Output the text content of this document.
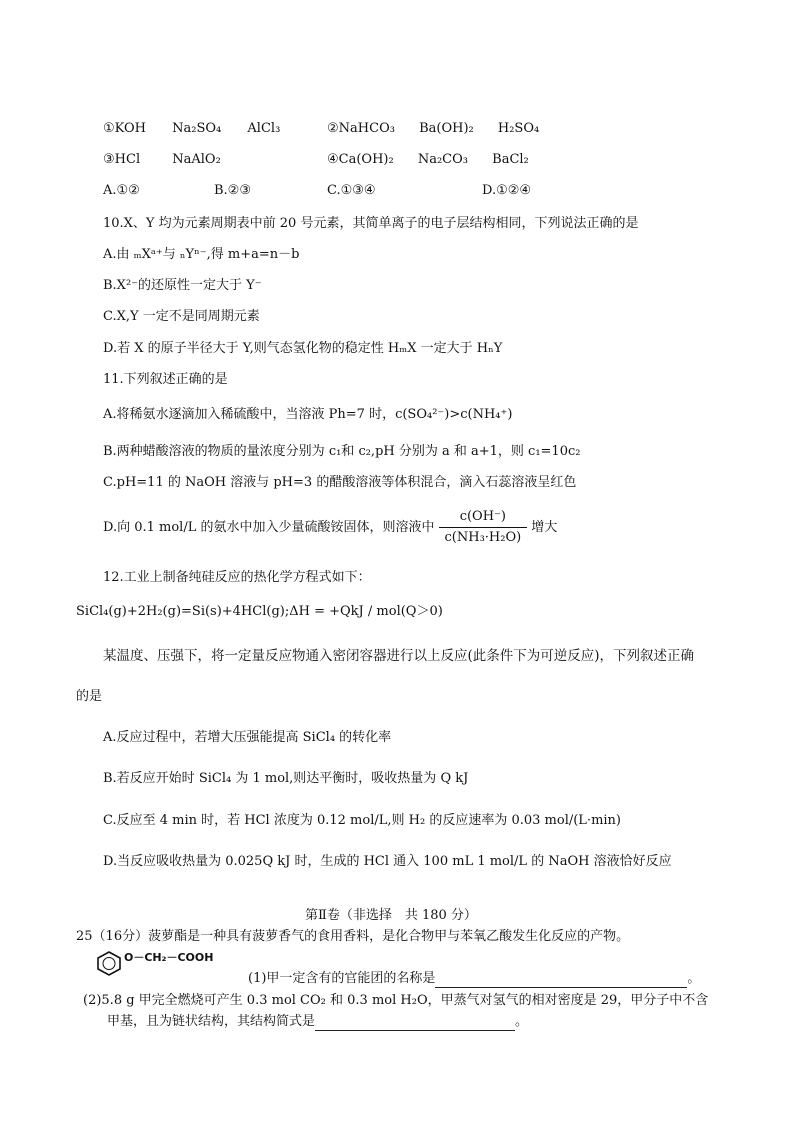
①KOH Na₂SO₄ AlCl₃	②NaHCO₃ Ba(OH)₂ H₂SO₄
③HCl NaAlO₂	④Ca(OH)₂ Na₂CO₃ BaCl₂
A.①②	B.②③	C.①③④	D.①②④
10.X、Y 均为元素周期表中前 20 号元素，其简单离子的电子层结构相同，下列说法正确的是
A.由 ₘXᵃ⁺与 ₙYⁿ⁻,得 m+a=n－b
B.X²⁻的还原性一定大于 Y⁻
C.X,Y 一定不是同周期元素
D.若 X 的原子半径大于 Y,则气态氢化物的稳定性 HₘX 一定大于 HₙY
11.下列叙述正确的是
A.将稀氨水逐滴加入稀硫酸中，当溶液 Ph=7 时，c(SO₄²⁻)>c(NH₄⁺)
B.两种蜡酸溶液的物质的量浓度分别为 c₁和 c₂,pH 分别为 a 和 a+1，则 c₁=10c₂
C.pH=11 的 NaOH 溶液与 pH=3 的醋酸溶液等体积混合，滴入石蕊溶液呈红色
D.向 0.1 mol/L 的氨水中加入少量硫酸铵固体，则溶液中 $\frac{c(OH^-)}{\text{c(NH₃·H₂O)}}$ 增大
12.工业上制备纯硅反应的热化学方程式如下：
SiCl₄(g)+2H₂(g)=Si(s)+4HCl(g);ΔH = +QkJ / mol(Q＞0)
某温度、压强下，将一定量反应物通入密闭容器进行以上反应(此条件下为可逆反应)，下列叙述正确
的是
A.反应过程中，若增大压强能提高 SiCl₄ 的转化率
B.若反应开始时 SiCl₄ 为 1 mol,则达平衡时，吸收热量为 Q kJ
C.反应至 4 min 时，若 HCl 浓度为 0.12 mol/L,则 H₂ 的反应速率为 0.03 mol/(L·min)
D.当反应吸收热量为 0.025Q kJ 时，生成的 HCl 通入 100 mL 1 mol/L 的 NaOH 溶液恰好反应
第Ⅱ卷（非选择　共 180 分）
25（16分）菠萝酯是一种具有菠萝香气的食用香料，是化合物甲与苯氧乙酸发生化反应的产物。
O－CH₂－COOH
(1)甲一定含有的官能团的名称是	。
(2)5.8 g 甲完全燃烧可产生 0.3 mol CO₂ 和 0.3 mol H₂O，甲蒸气对氢气的相对密度是 29，甲分子中不含
甲基，且为链状结构，其结构简式是	。
